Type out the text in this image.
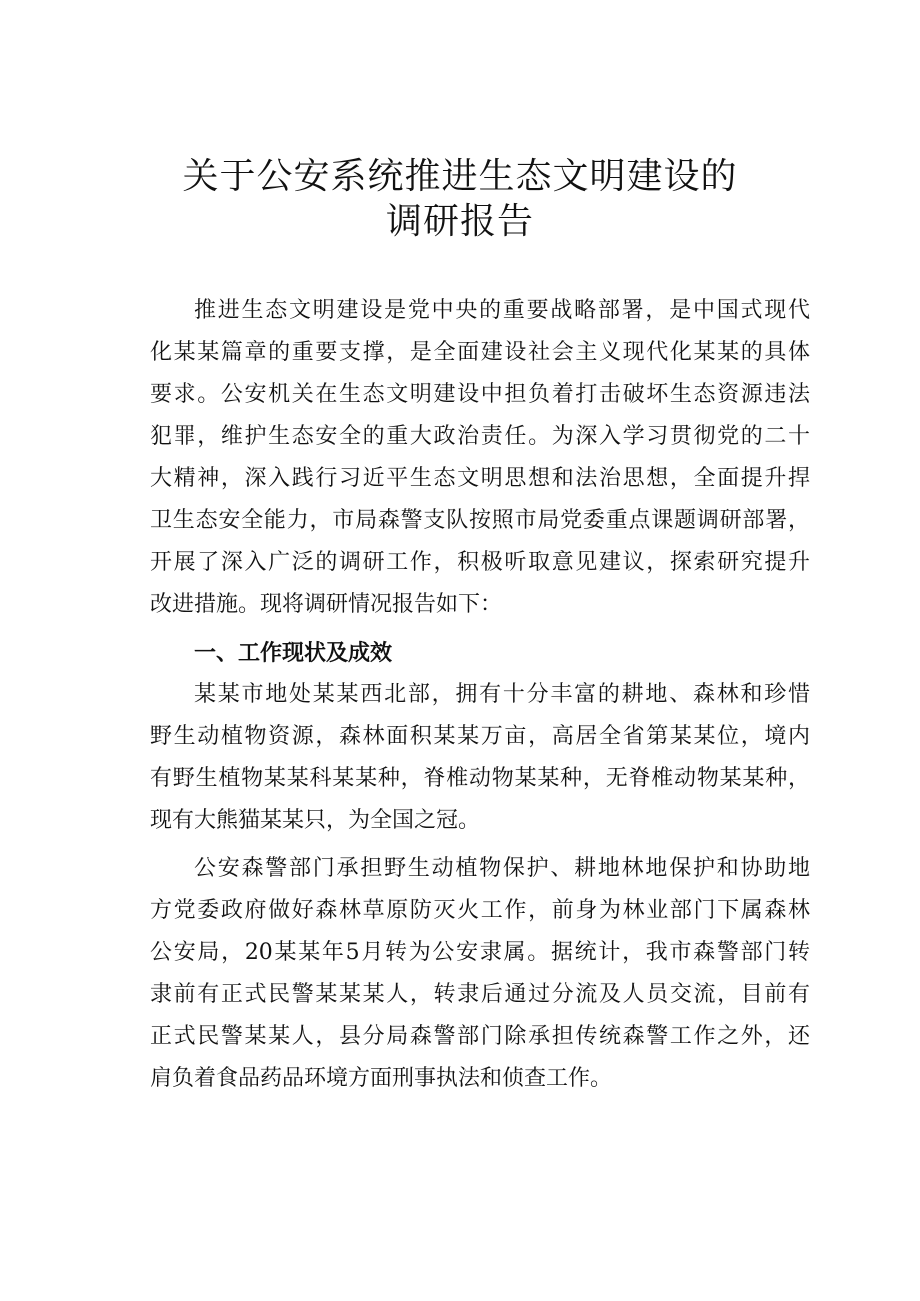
关于公安系统推进生态文明建设的
调研报告
推进生态文明建设是党中央的重要战略部署，是中国式现代
化某某篇章的重要支撑，是全面建设社会主义现代化某某的具体
要求。公安机关在生态文明建设中担负着打击破坏生态资源违法
犯罪，维护生态安全的重大政治责任。为深入学习贯彻党的二十
大精神，深入践行习近平生态文明思想和法治思想，全面提升捍
卫生态安全能力，市局森警支队按照市局党委重点课题调研部署，
开展了深入广泛的调研工作，积极听取意见建议，探索研究提升
改进措施。现将调研情况报告如下：
一、工作现状及成效
某某市地处某某西北部，拥有十分丰富的耕地、森林和珍惜
野生动植物资源，森林面积某某万亩，高居全省第某某位，境内
有野生植物某某科某某种，脊椎动物某某种，无脊椎动物某某种，
现有大熊猫某某只，为全国之冠。
公安森警部门承担野生动植物保护、耕地林地保护和协助地
方党委政府做好森林草原防灭火工作，前身为林业部门下属森林
公安局，20某某年5月转为公安隶属。据统计，我市森警部门转
隶前有正式民警某某某人，转隶后通过分流及人员交流，目前有
正式民警某某人，县分局森警部门除承担传统森警工作之外，还
肩负着食品药品环境方面刑事执法和侦查工作。
